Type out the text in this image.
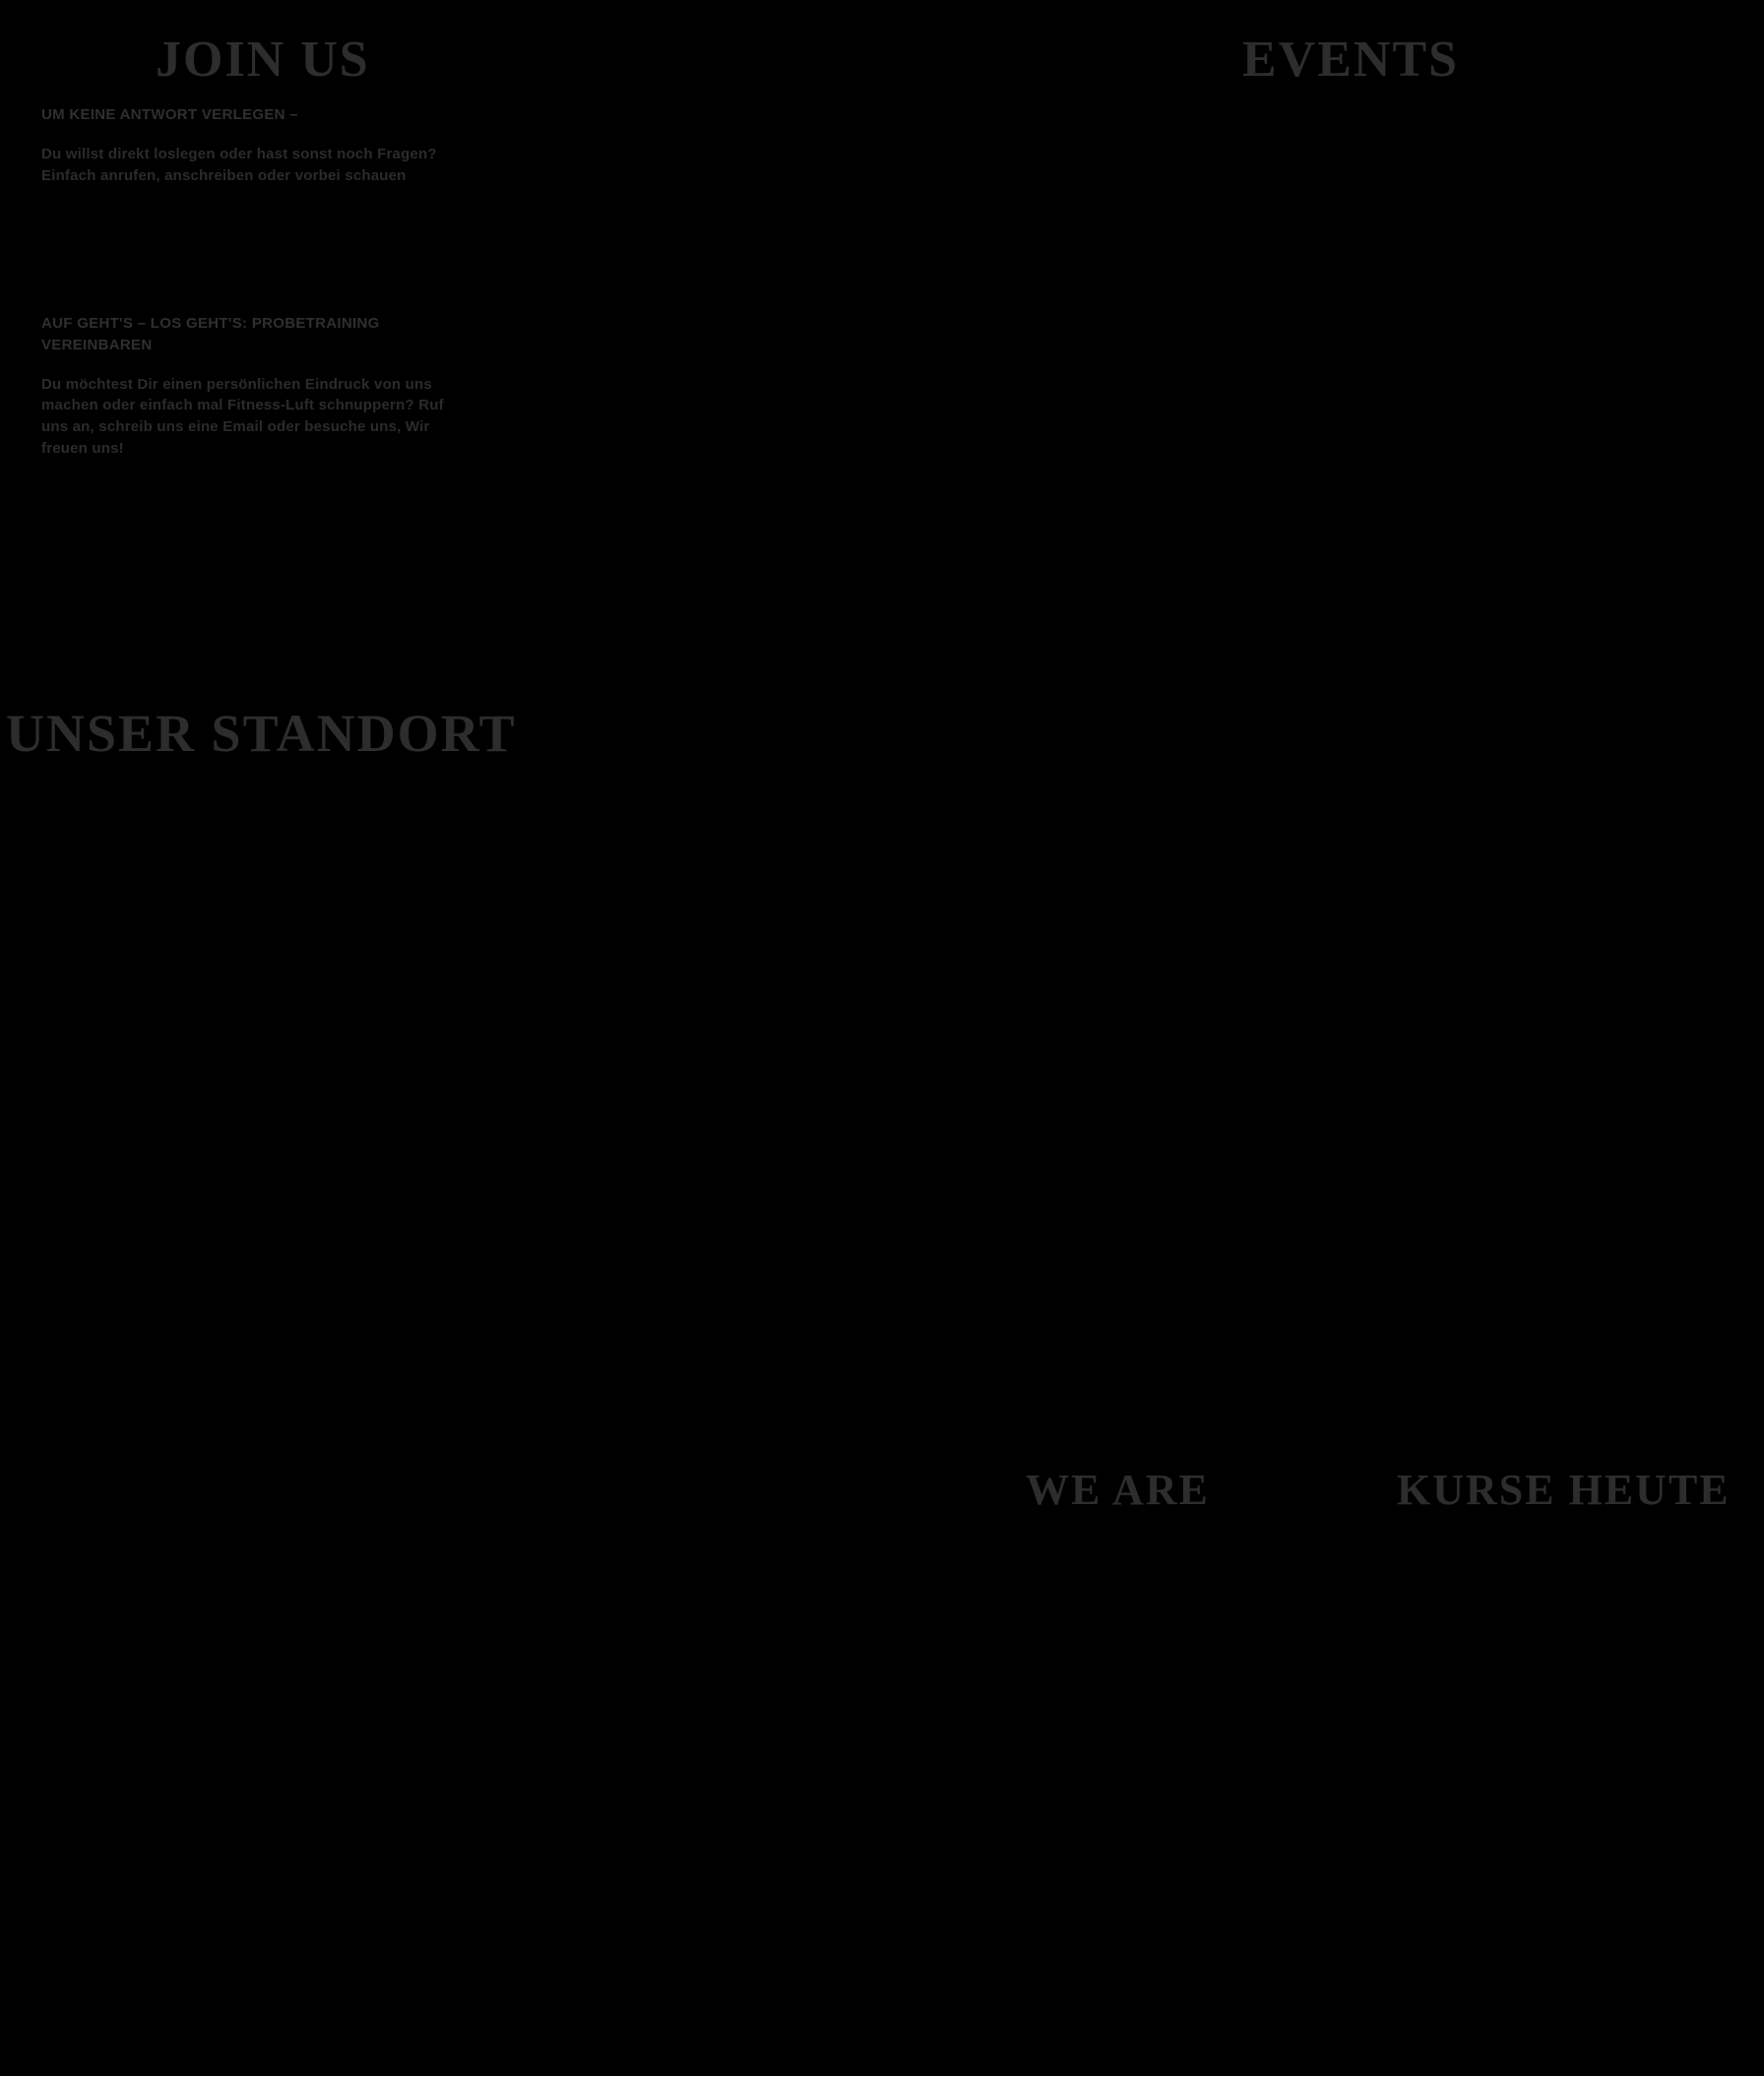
JOIN US	EVENTS

UM KEINE ANTWORT VERLEGEN –

Du willst direkt loslegen oder hast sonst noch Fragen? Einfach anrufen, anschreiben oder vorbei schauen

AUF GEHT'S – LOS GEHT'S: PROBETRAINING VEREINBAREN

Du möchtest Dir einen persönlichen Eindruck von uns machen oder einfach mal Fitness-Luft schnuppern? Ruf uns an, schreib uns eine Email oder besuche uns, Wir freuen uns!

UNSER STANDORT
WE ARE	KURSE HEUTE
